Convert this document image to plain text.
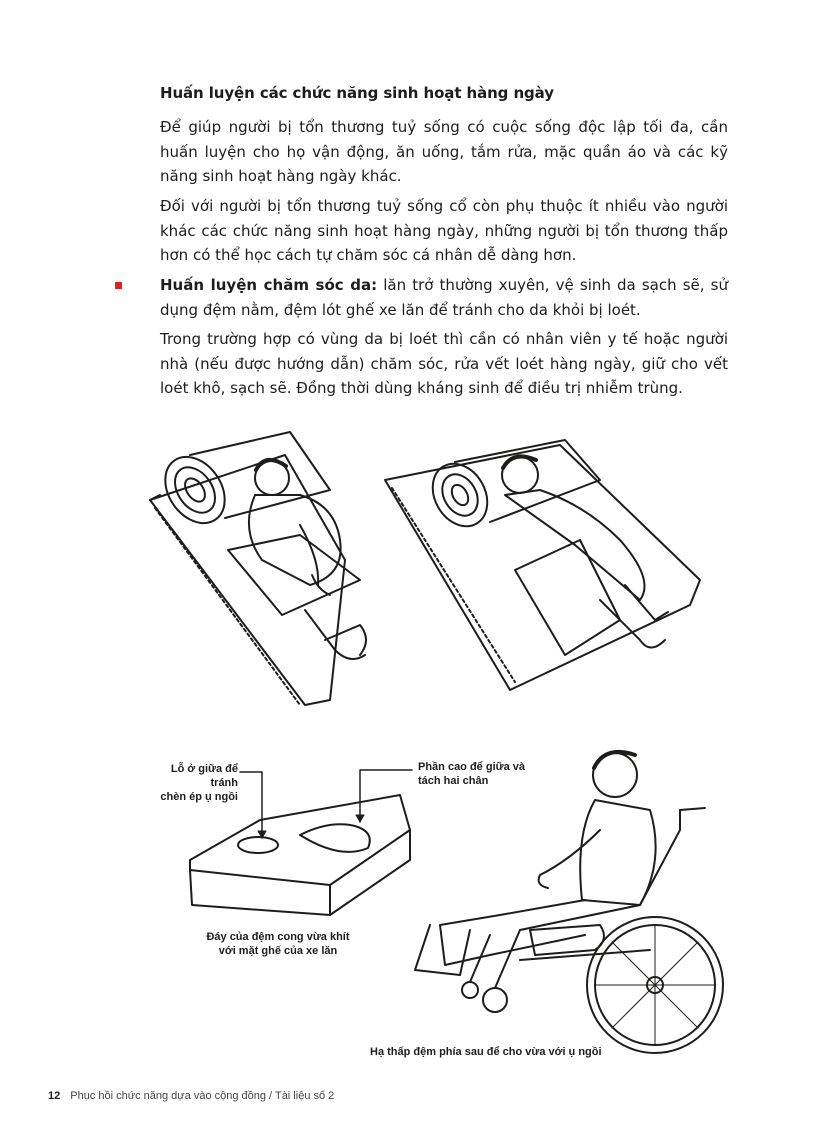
Huấn luyện các chức năng sinh hoạt hàng ngày

Để giúp người bị tổn thương tuỷ sống có cuộc sống độc lập tối đa, cần huấn luyện cho họ vận động, ăn uống, tắm rửa, mặc quần áo và các kỹ năng sinh hoạt hàng ngày khác.

Đối với người bị tổn thương tuỷ sống cổ còn phụ thuộc ít nhiều vào người khác các chức năng sinh hoạt hàng ngày, những người bị tổn thương thấp hơn có thể học cách tự chăm sóc cá nhân dễ dàng hơn.

Huấn luyện chăm sóc da: lăn trở thường xuyên, vệ sinh da sạch sẽ, sử dụng đệm nằm, đệm lót ghế xe lăn để tránh cho da khỏi bị loét.

Trong trường hợp có vùng da bị loét thì cần có nhân viên y tế hoặc người nhà (nếu được hướng dẫn) chăm sóc, rửa vết loét hàng ngày, giữ cho vết loét khô, sạch sẽ. Đồng thời dùng kháng sinh để điều trị nhiễm trùng.

Lỗ ở giữa để tránh
chèn ép ụ ngồi
Phần cao để giữa và
tách hai chân
Đáy của đệm cong vừa khít
với mặt ghế của xe lăn
Hạ thấp đệm phía sau để cho vừa với ụ ngồi
12 Phục hồi chức năng dựa vào cộng đồng / Tài liệu số 2
